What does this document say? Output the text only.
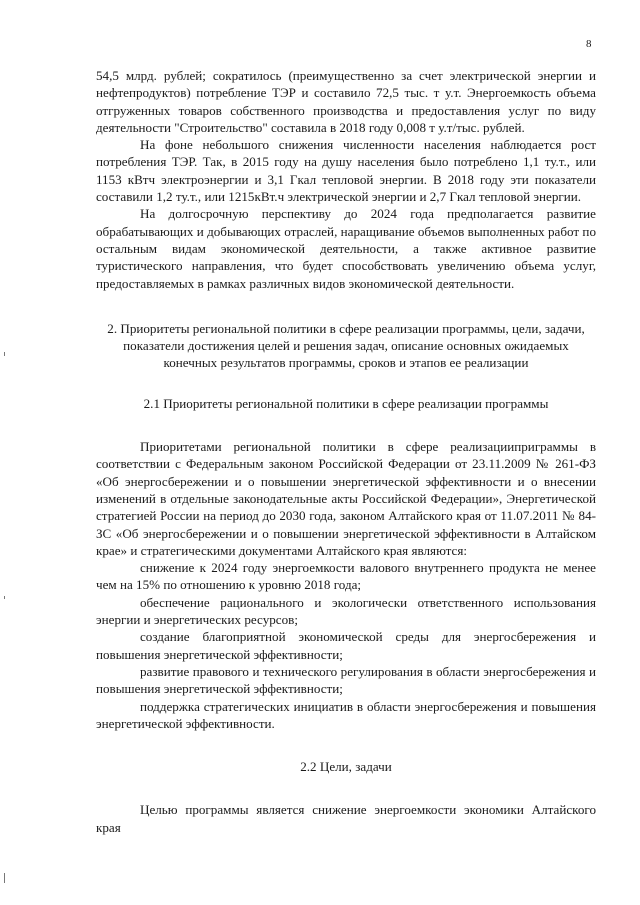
8

54,5 млрд. рублей; сократилось (преимущественно за счет электрической энергии и нефтепродуктов) потребление ТЭР и составило 72,5 тыс. т у.т. Энергоемкость объема отгруженных товаров собственного производства и предоставления услуг по виду деятельности "Строительство" составила в 2018 году 0,008 т у.т/тыс. рублей.

На фоне небольшого снижения численности населения наблюдается рост потребления ТЭР. Так, в 2015 году на душу населения было потреблено 1,1 ту.т., или 1153 кВтч электроэнергии и 3,1 Гкал тепловой энергии. В 2018 году эти показатели составили 1,2 ту.т., или 1215кВт.ч электрической энергии и 2,7 Гкал тепловой энергии.

На долгосрочную перспективу до 2024 года предполагается развитие обрабатывающих и добывающих отраслей, наращивание объемов выполненных работ по остальным видам экономической деятельности, а также активное развитие туристического направления, что будет способствовать увеличению объема услуг, предоставляемых в рамках различных видов экономической деятельности.

2. Приоритеты региональной политики в сфере реализации программы, цели, задачи, показатели достижения целей и решения задач, описание основных ожидаемых конечных результатов программы, сроков и этапов ее реализации

2.1 Приоритеты региональной политики в сфере реализации программы

Приоритетами региональной политики в сфере реализацииприграммы в соответствии с Федеральным законом Российской Федерации от 23.11.2009 № 261-ФЗ «Об энергосбережении и о повышении энергетической эффективности и о внесении изменений в отдельные законодательные акты Российской Федерации», Энергетической стратегией России на период до 2030 года, законом Алтайского края от 11.07.2011 № 84-ЗС «Об энергосбережении и о повышении энергетической эффективности в Алтайском крае» и стратегическими документами Алтайского края являются:

снижение к 2024 году энергоемкости валового внутреннего продукта не менее чем на 15% по отношению к уровню 2018 года;

обеспечение рационального и экологически ответственного использования энергии и энергетических ресурсов;

создание благоприятной экономической среды для энергосбережения и повышения энергетической эффективности;

развитие правового и технического регулирования в области энергосбережения и повышения энергетической эффективности;

поддержка стратегических инициатив в области энергосбережения и повышения энергетической эффективности.

2.2 Цели, задачи

Целью программы является снижение энергоемкости экономики Алтайского края
